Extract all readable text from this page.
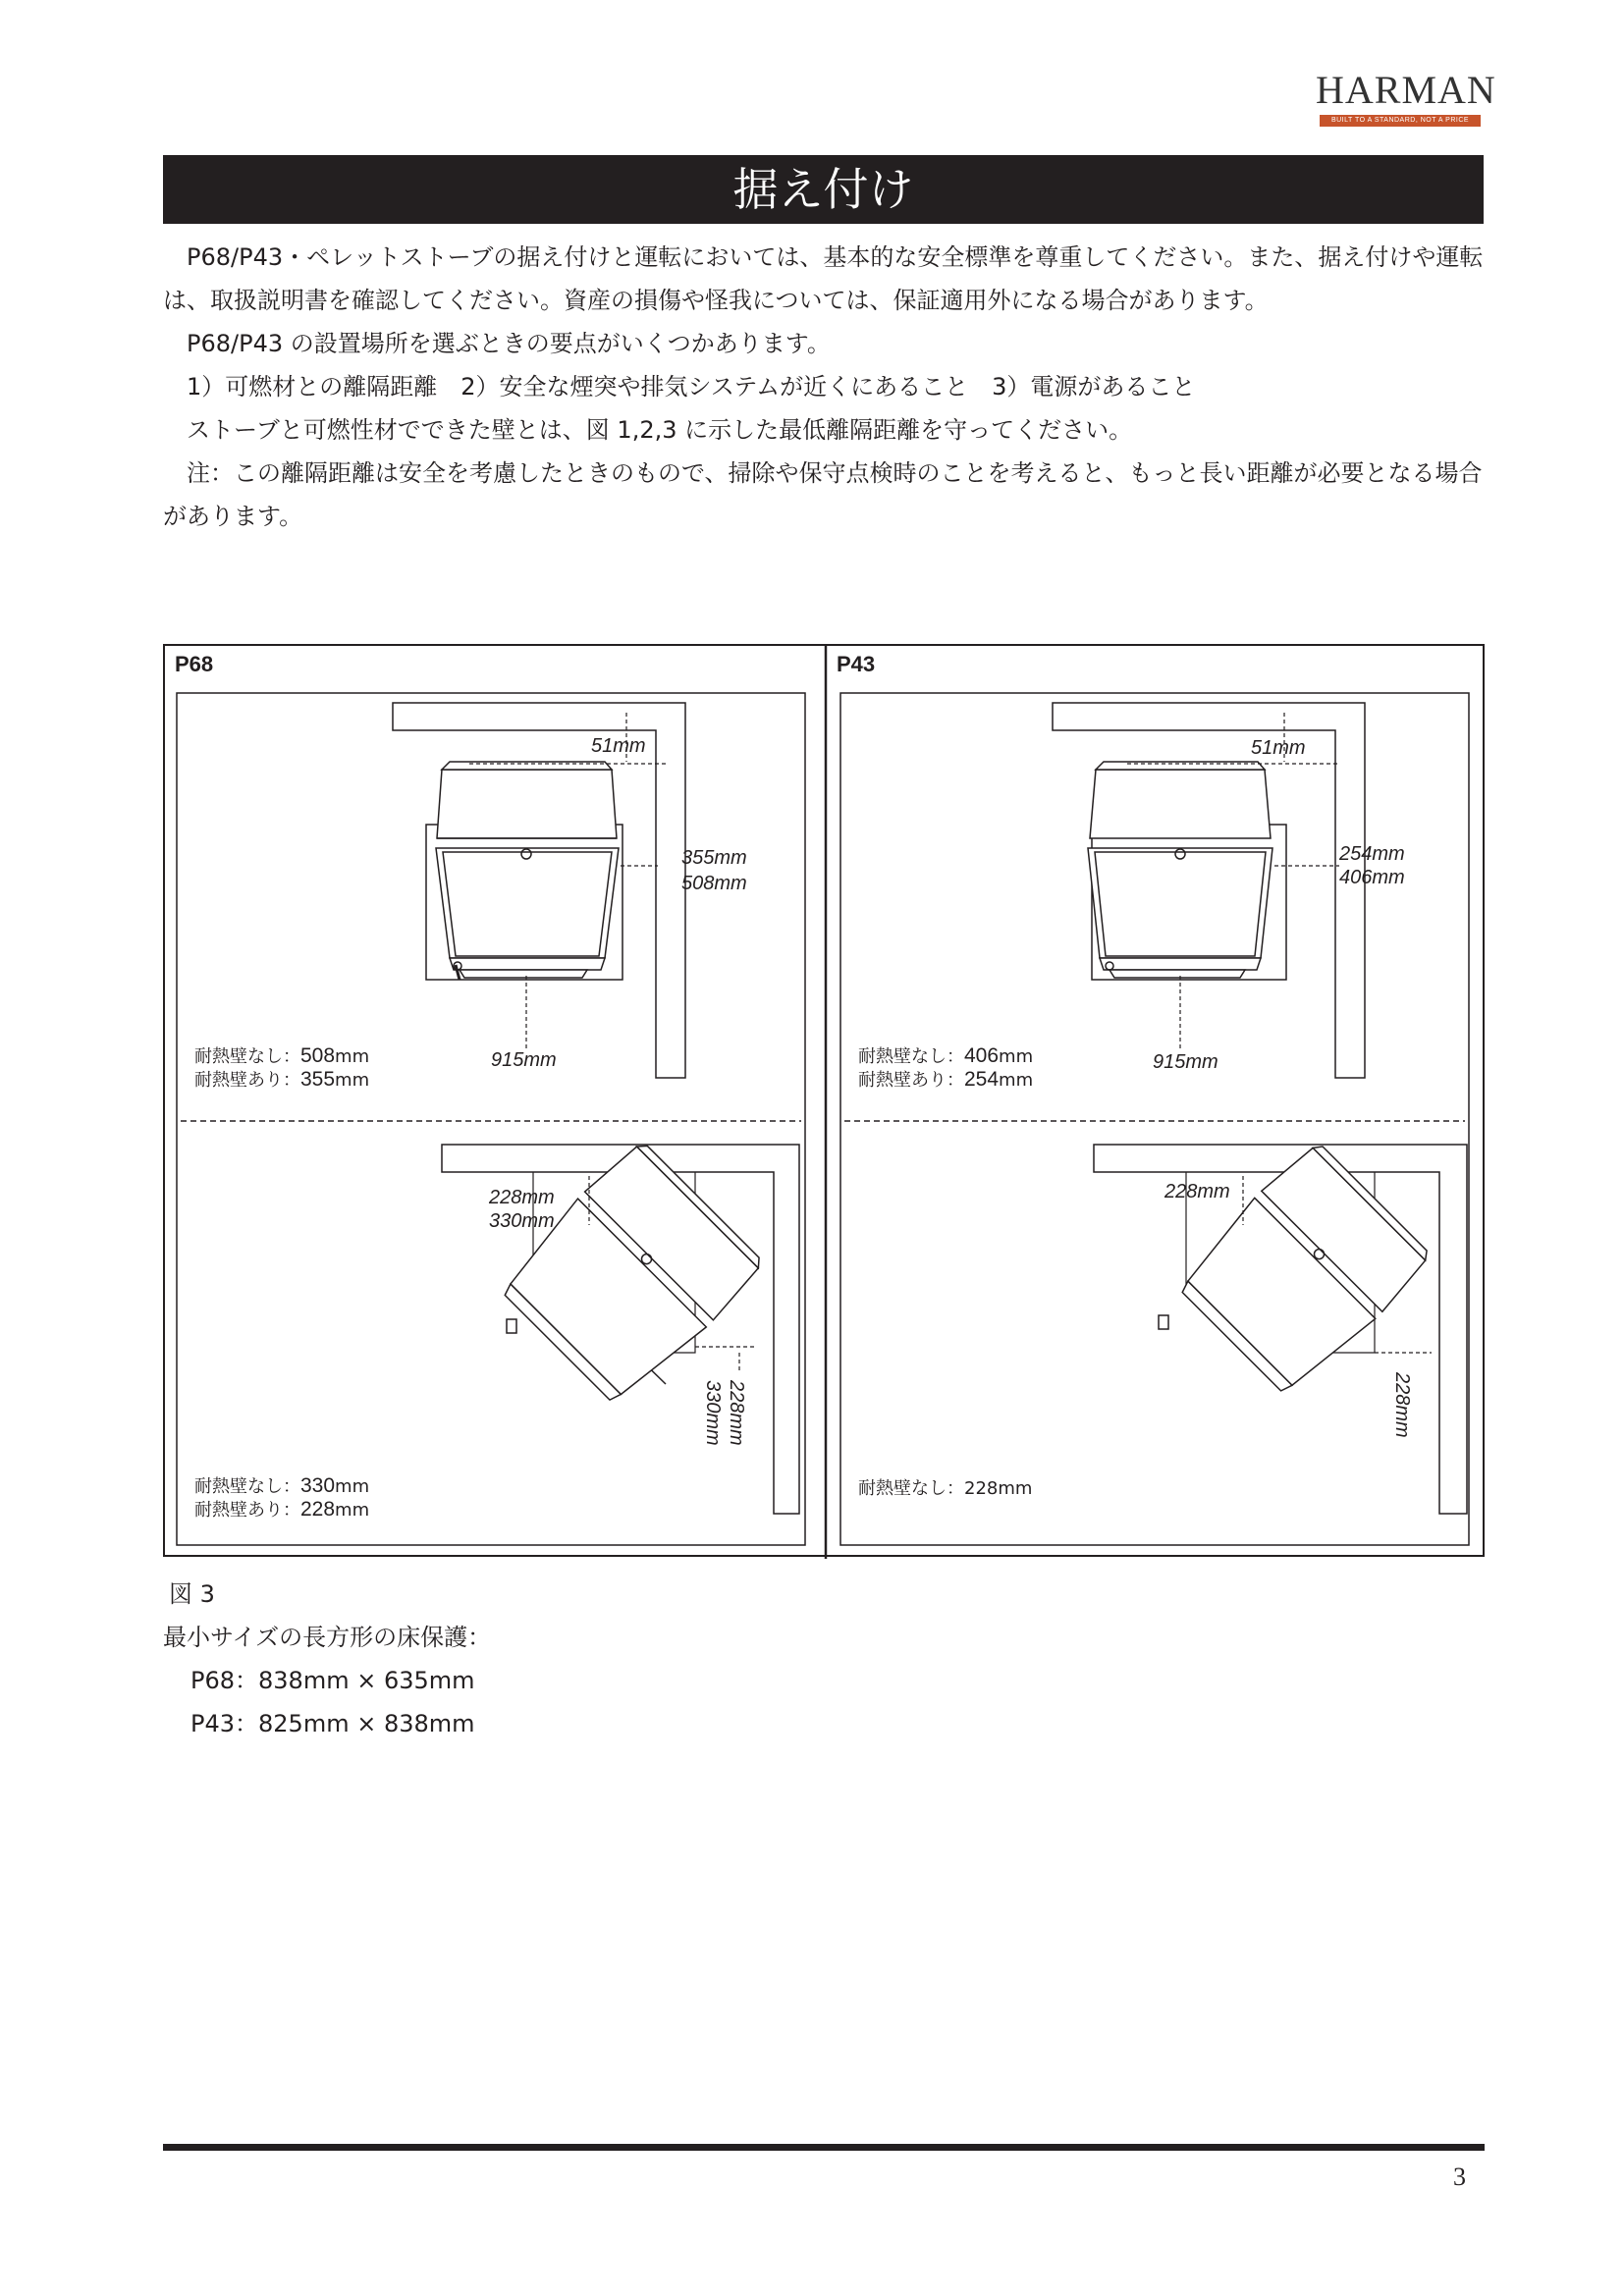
HARMAN
BUILT TO A STANDARD, NOT A PRICE
据え付け

P68/P43・ペレットストーブの据え付けと運転においては、基本的な安全標準を尊重してください。また、据え付けや運転は、取扱説明書を確認してください。資産の損傷や怪我については、保証適用外になる場合があります。

P68/P43 の設置場所を選ぶときの要点がいくつかあります。

1）可燃材との離隔距離　2）安全な煙突や排気システムが近くにあること　3）電源があること

ストーブと可燃性材でできた壁とは、図 1,2,3 に示した最低離隔距離を守ってください。

注：この離隔距離は安全を考慮したときのもので、掃除や保守点検時のことを考えると、もっと長い距離が必要となる場合があります。

51mm
355mm
508mm
915mm
耐熱壁なし：508mm
耐熱壁あり：355mm
228mm
330mm
228mm
330mm
耐熱壁なし：330mm
耐熱壁あり：228mm
51mm
254mm
406mm
915mm
耐熱壁なし：406mm
耐熱壁あり：254mm
228mm
228mm
耐熱壁なし：228mm
P68	P43

図 3

最小サイズの長方形の床保護：

P68：838mm × 635mm

P43：825mm × 838mm

3
